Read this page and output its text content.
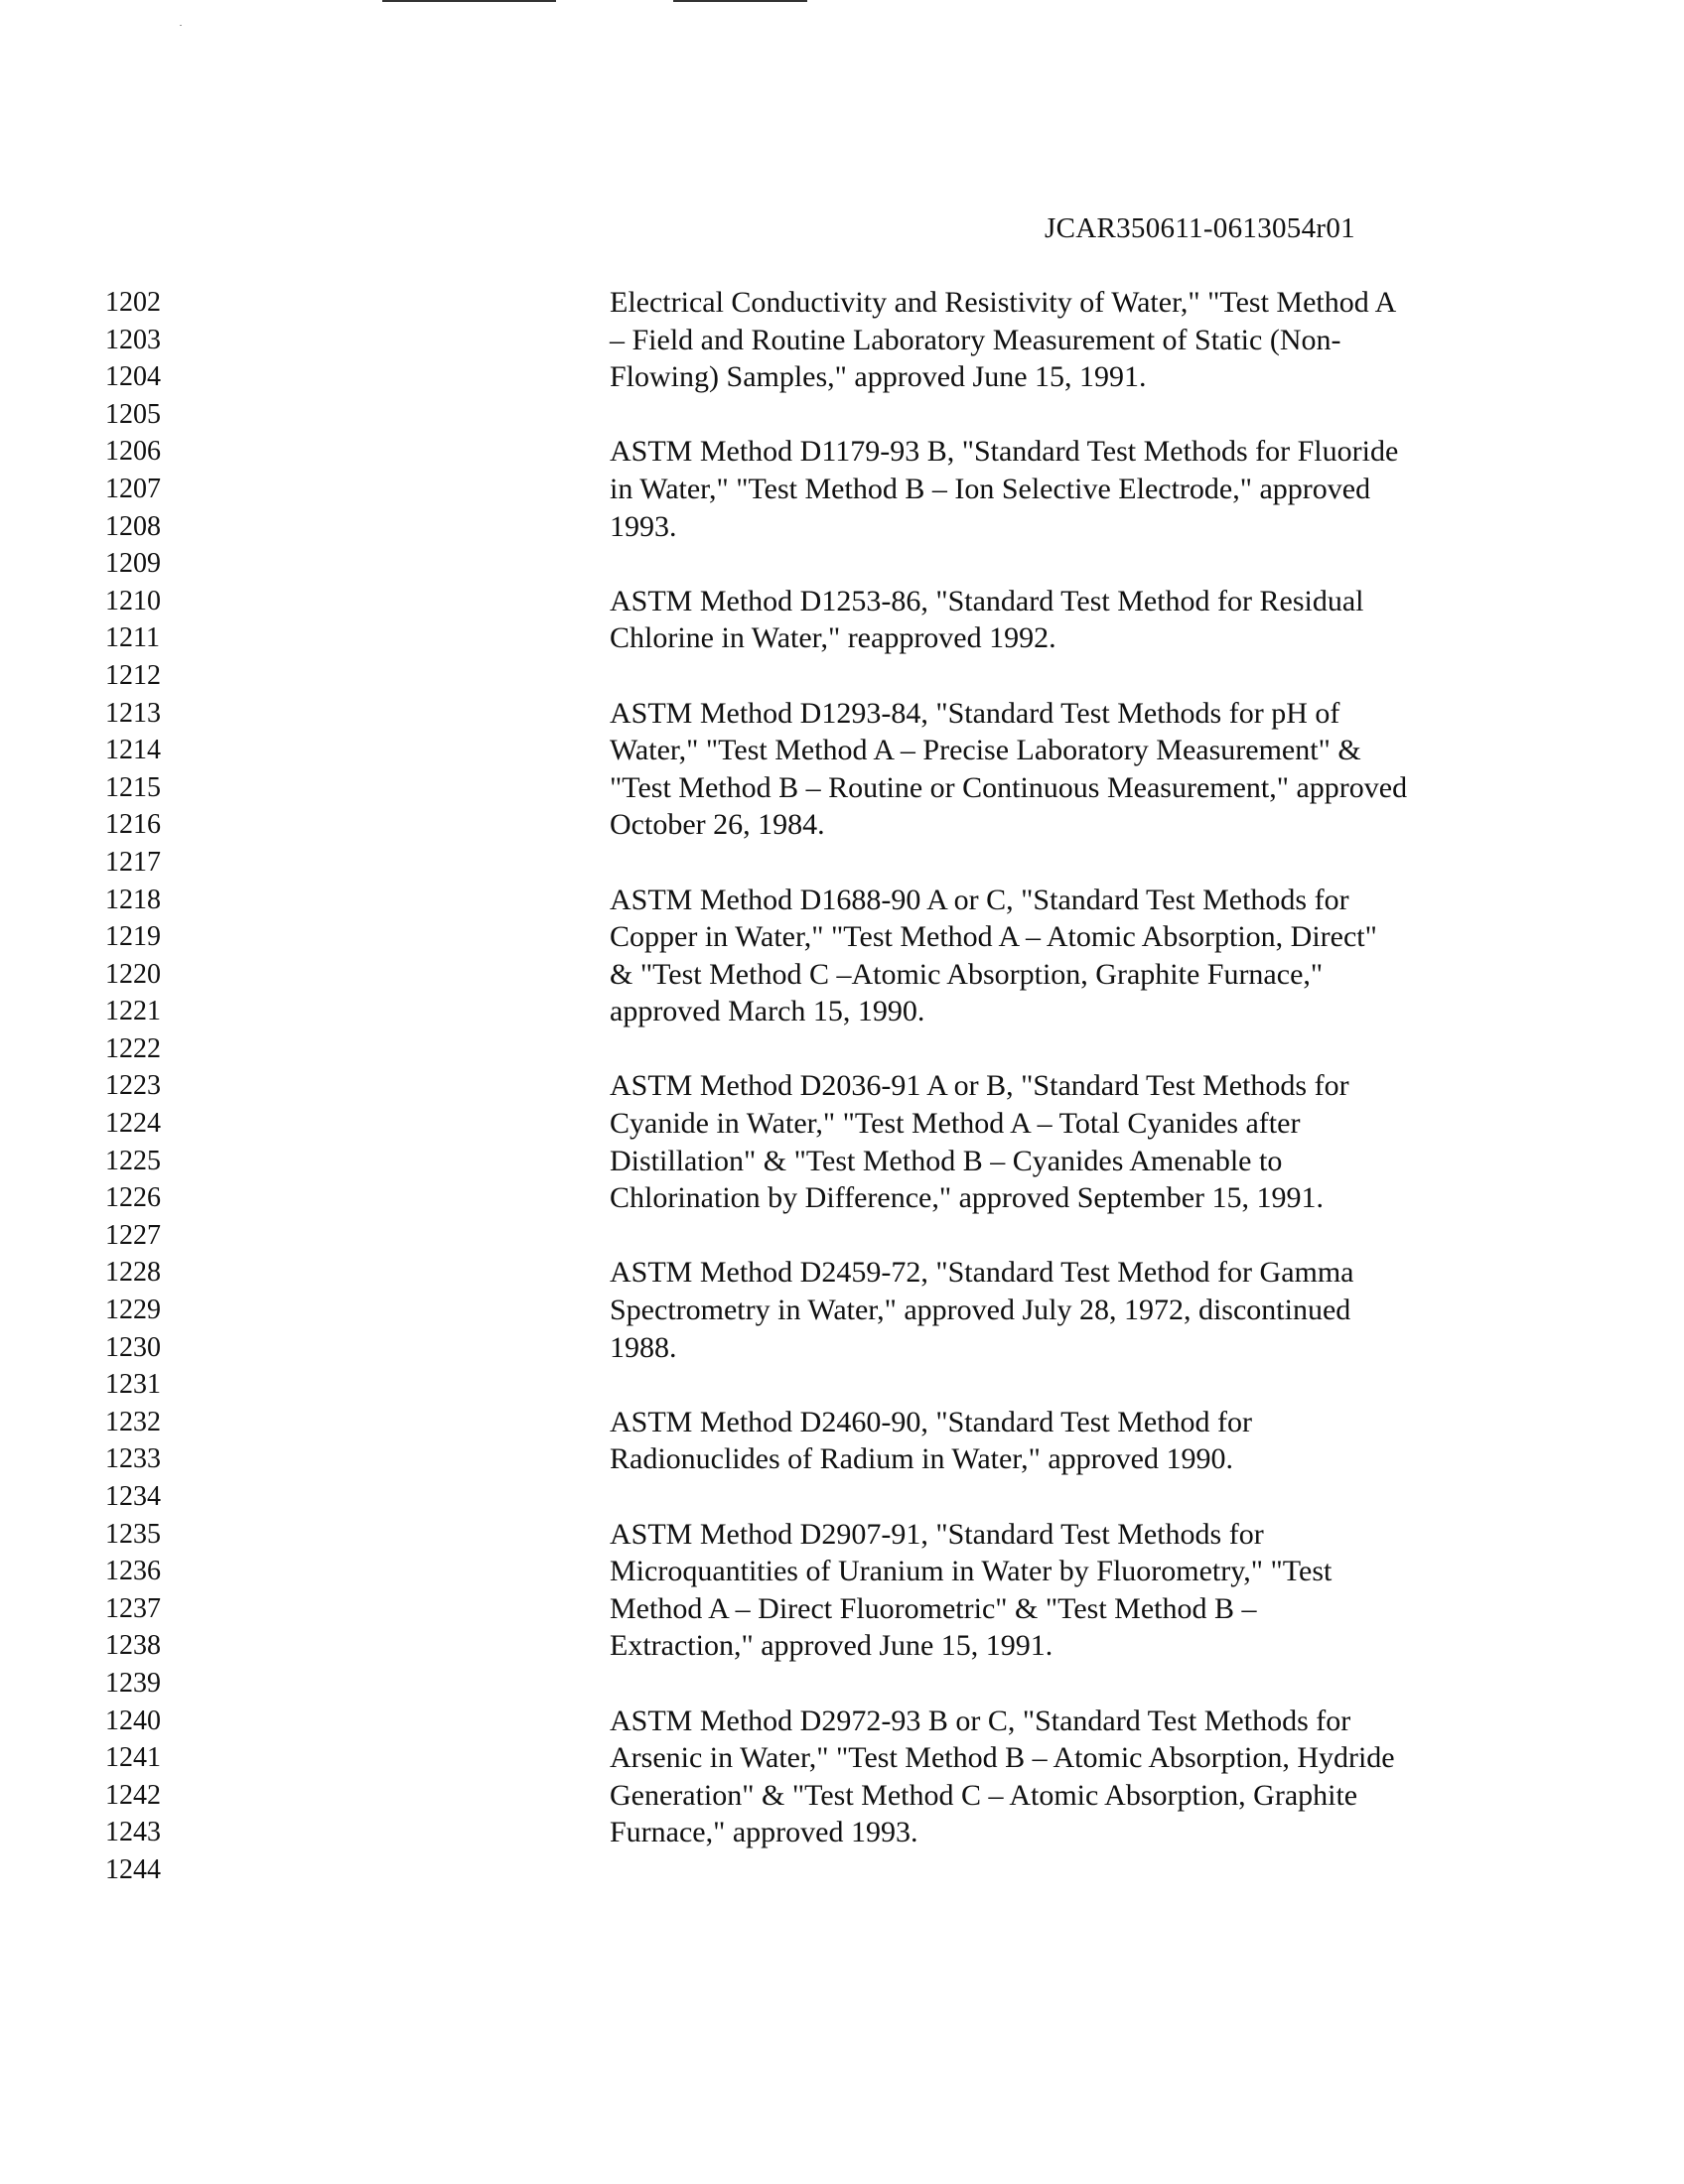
JCAR350611-0613054r01
1202
1203
1204
1205
1206
1207
1208
1209
1210
1211
1212
1213
1214
1215
1216
1217
1218
1219
1220
1221
1222
1223
1224
1225
1226
1227
1228
1229
1230
1231
1232
1233
1234
1235
1236
1237
1238
1239
1240
1241
1242
1243
1244
Electrical Conductivity and Resistivity of Water," "Test Method A
– Field and Routine Laboratory Measurement of Static (Non-
Flowing) Samples," approved June 15, 1991.
ASTM Method D1179-93 B, "Standard Test Methods for Fluoride
in Water," "Test Method B – Ion Selective Electrode," approved
1993.
ASTM Method D1253-86, "Standard Test Method for Residual
Chlorine in Water," reapproved 1992.
ASTM Method D1293-84, "Standard Test Methods for pH of
Water," "Test Method A – Precise Laboratory Measurement" &
"Test Method B – Routine or Continuous Measurement," approved
October 26, 1984.
ASTM Method D1688-90 A or C, "Standard Test Methods for
Copper in Water," "Test Method A – Atomic Absorption, Direct"
& "Test Method C –Atomic Absorption, Graphite Furnace,"
approved March 15, 1990.
ASTM Method D2036-91 A or B, "Standard Test Methods for
Cyanide in Water," "Test Method A – Total Cyanides after
Distillation" & "Test Method B – Cyanides Amenable to
Chlorination by Difference," approved September 15, 1991.
ASTM Method D2459-72, "Standard Test Method for Gamma
Spectrometry in Water," approved July 28, 1972, discontinued
1988.
ASTM Method D2460-90, "Standard Test Method for
Radionuclides of Radium in Water," approved 1990.
ASTM Method D2907-91, "Standard Test Methods for
Microquantities of Uranium in Water by Fluorometry," "Test
Method A – Direct Fluorometric" & "Test Method B –
Extraction," approved June 15, 1991.
ASTM Method D2972-93 B or C, "Standard Test Methods for
Arsenic in Water," "Test Method B – Atomic Absorption, Hydride
Generation" & "Test Method C – Atomic Absorption, Graphite
Furnace," approved 1993.
